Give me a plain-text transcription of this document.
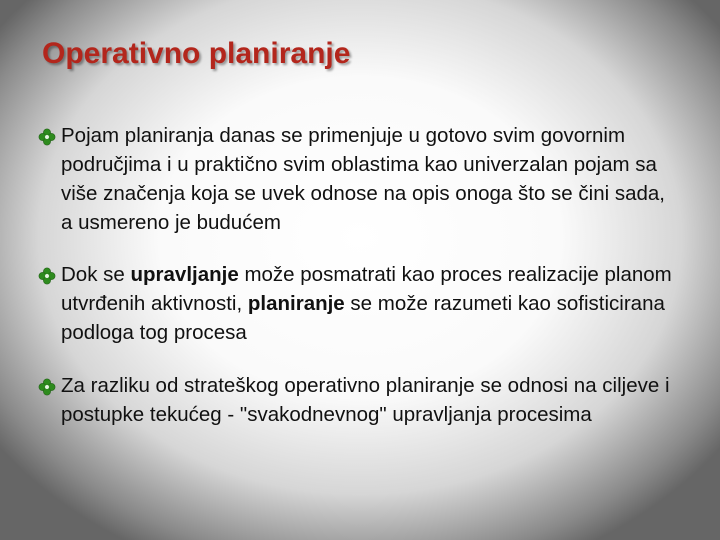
Operativno planiranje
Pojam planiranja danas se primenjuje u gotovo svim govornim područjima i u praktično svim oblastima kao univerzalan pojam sa više značenja koja se uvek odnose na opis onoga što se čini sada, a usmereno je budućem
Dok se upravljanje može posmatrati kao proces realizacije planom utvrđenih aktivnosti, planiranje se može razumeti kao sofisticirana podloga tog procesa
Za razliku od strateškog operativno planiranje se odnosi na ciljeve i postupke tekućeg - "svakodnevnog" upravljanja procesima
